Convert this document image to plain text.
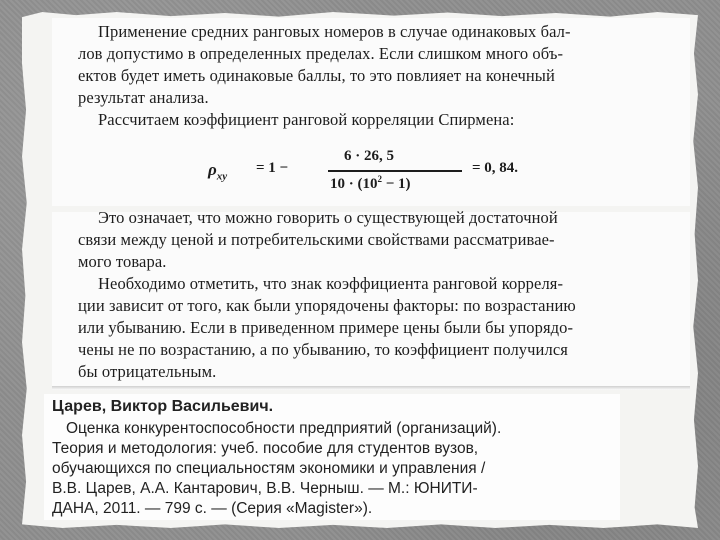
Применение средних ранговых номеров в случае одинаковых бал-
лов допустимо в определенных пределах. Если слишком много объ-
ектов будет иметь одинаковые баллы, то это повлияет на конечный
результат анализа.
Рассчитаем коэффициент ранговой корреляции Спирмена:
$\rho_{xy}$
= 1 −
6 · 26, 5
$10 \cdot (10^2 - 1)$
= 0, 84.
Это означает, что можно говорить о существующей достаточной
связи между ценой и потребительскими свойствами рассматривае-
мого товара.
Необходимо отметить, что знак коэффициента ранговой корреля-
ции зависит от того, как были упорядочены факторы: по возрастанию
или убыванию. Если в приведенном примере цены были бы упорядо-
чены не по возрастанию, а по убыванию, то коэффициент получился
бы отрицательным.
Царев, Виктор Васильевич.
Оценка конкурентоспособности предприятий (организаций).
Теория и методология: учеб. пособие для студентов вузов,
обучающихся по специальностям экономики и управления /
В.В. Царев, А.А. Кантарович, В.В. Черныш. — М.: ЮНИТИ-
ДАНА, 2011. — 799 с. — (Серия «Magister»).
